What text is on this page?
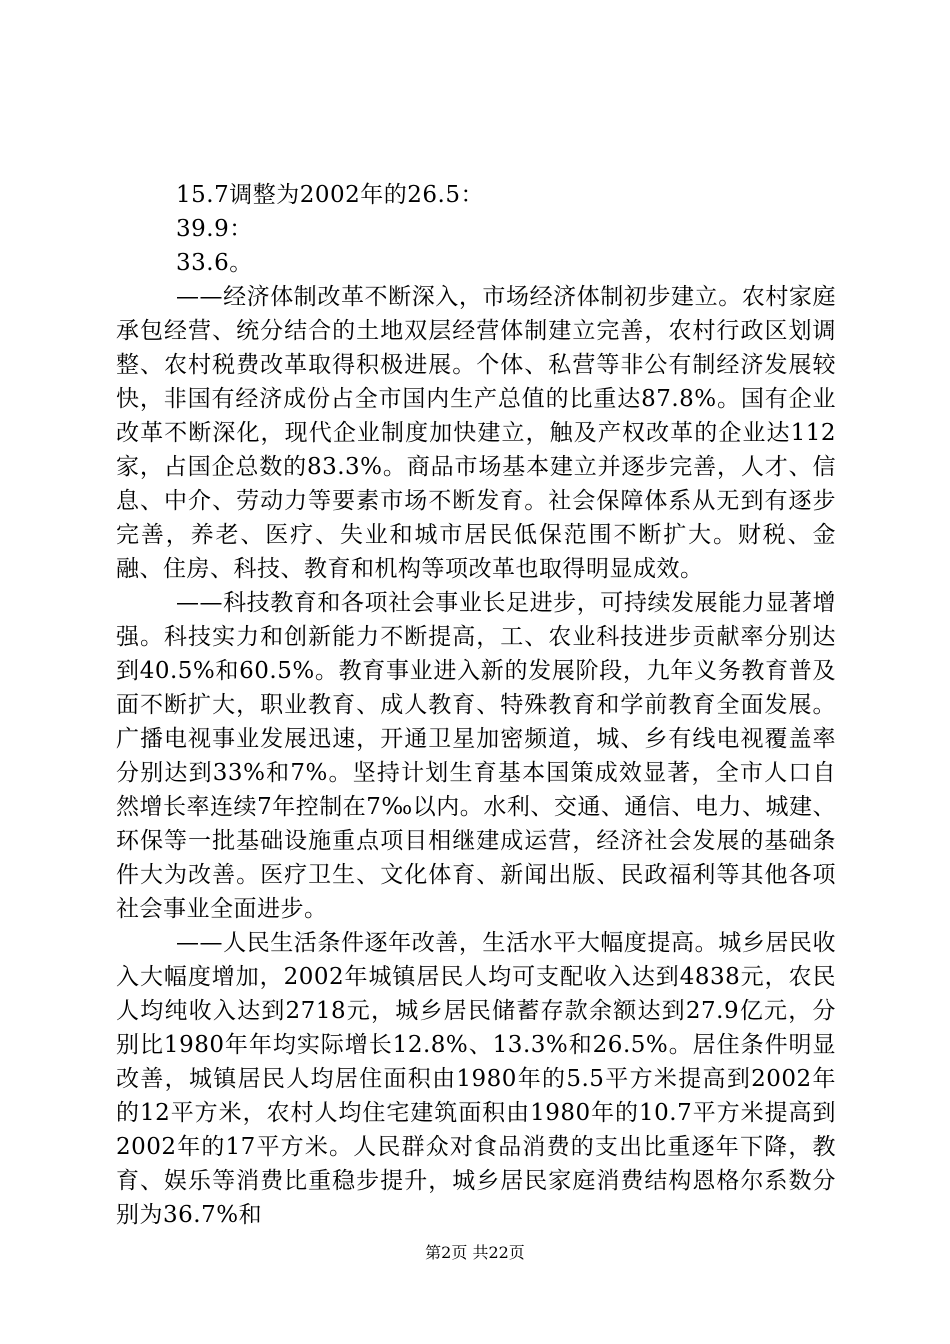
15.7调整为2002年的26.5：

39.9：

33.6。

——经济体制改革不断深入，市场经济体制初步建立。农村家庭承包经营、统分结合的土地双层经营体制建立完善，农村行政区划调整、农村税费改革取得积极进展。个体、私营等非公有制经济发展较快，非国有经济成份占全市国内生产总值的比重达87.8%。国有企业改革不断深化，现代企业制度加快建立，触及产权改革的企业达112家，占国企总数的83.3%。商品市场基本建立并逐步完善，人才、信息、中介、劳动力等要素市场不断发育。社会保障体系从无到有逐步完善，养老、医疗、失业和城市居民低保范围不断扩大。财税、金融、住房、科技、教育和机构等项改革也取得明显成效。

——科技教育和各项社会事业长足进步，可持续发展能力显著增强。科技实力和创新能力不断提高，工、农业科技进步贡献率分别达到40.5%和60.5%。教育事业进入新的发展阶段，九年义务教育普及面不断扩大，职业教育、成人教育、特殊教育和学前教育全面发展。广播电视事业发展迅速，开通卫星加密频道，城、乡有线电视覆盖率分别达到33%和7%。坚持计划生育基本国策成效显著，全市人口自然增长率连续7年控制在7‰以内。水利、交通、通信、电力、城建、环保等一批基础设施重点项目相继建成运营，经济社会发展的基础条件大为改善。医疗卫生、文化体育、新闻出版、民政福利等其他各项社会事业全面进步。

——人民生活条件逐年改善，生活水平大幅度提高。城乡居民收入大幅度增加，2002年城镇居民人均可支配收入达到4838元，农民人均纯收入达到2718元，城乡居民储蓄存款余额达到27.9亿元，分别比1980年年均实际增长12.8%、13.3%和26.5%。居住条件明显改善，城镇居民人均居住面积由1980年的5.5平方米提高到2002年的12平方米，农村人均住宅建筑面积由1980年的10.7平方米提高到2002年的17平方米。人民群众对食品消费的支出比重逐年下降，教育、娱乐等消费比重稳步提升，城乡居民家庭消费结构恩格尔系数分别为36.7%和

第2页 共22页
